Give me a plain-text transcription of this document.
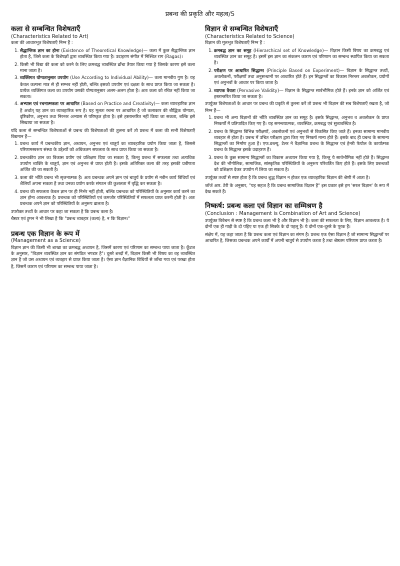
प्रबन्ध की प्रकृति और महत्व/5
कला से सम्बन्धित विशेषताएँ
(Characteristics Related to Art)

कला की आधारभूत विशेषताएँ निम्न हैं :

1. सैद्धान्तिक ज्ञान का होना (Existence of Theoretical Knowledge)— कला में कुछ सैद्धान्तिक ज्ञान होता है, जिसे कला के विशेषज्ञों द्वारा व्यवस्थित किया गया है। उदाहरण संगीत में निश्चित राग (Ragas)।
2. किसी भी विद्या की कला को करने के लिए क्रमबद्ध व्यवस्थित ढाँचा तैयार किया गया है जिसके कारण इसे कला माना जाता है।
3. व्यक्तिगत योग्यतानुसार उपयोग (Use According to Individual Ability)— कला मानवीय गुण है। यह केवल कल्पना मात्र से ही सम्भव नहीं होती, बल्कि इसको उपयोग एवं दक्षता के साथ प्राप्त किया जा सकता है। प्रत्येक व्यक्तिगत कला का उपयोग उसकी योग्यतानुसार अलग-अलग होता है। अतः कला को रचित नहीं किया जा सकता।
4. अभ्यास एवं रचनात्मकता पर आधारित (Based on Practice and Creativity)— कला व्यावहारिक ज्ञान है अर्थात् यह ज्ञान का व्यावहारिक रूप है। यह मूलतः रचना पर आधारित है जो कलाकार की बौद्धिक योग्यता, दृष्टिकोण, अनुभव तथा निरन्तर अभ्यास से परिष्कृत होता है। इसे हस्तान्तरित नहीं किया जा सकता, बल्कि इसे सिखाया जा सकता है।

यदि कला से सम्बन्धित विशेषताओं से प्रबन्ध की विशेषताओं की तुलना करें तो प्रबन्ध में कला की सभी विशेषताएँ विद्यमान हैं—

1. प्रबन्ध कार्य में प्रबन्धकीय ज्ञान, अध्ययन, अनुभव एवं चातुर्य का व्यावहारिक प्रयोग किया जाता है, जिससे परिणामस्वरूप संस्था के उद्देश्यों को अधिकतम सफलता के साथ प्राप्त किया जा सकता है।
2. प्रबन्धकीय ज्ञान का विकास प्रयोग एवं प्रशिक्षण दिया जा सकता है, किन्तु प्रबन्ध में सफलता तथा अत्यधिक उपयोग व्यक्ति के चातुर्य, ज्ञान एवं अनुभव से प्राप्त होती है। इसके अतिरिक्त कला की तरह इसकी प्रवीणता अर्जित की जा सकती है।
3. कला की भाँति प्रबन्ध भी सृजनात्मक है। अतः प्रबन्धक अपने ज्ञान एवं चातुर्य के प्रयोग से नवीन कार्य विधियाँ एवं शैलियाँ अपना सकता है तथा उनका प्रयोग करके संगठन की कुशलता में वृद्धि कर सकता है।
4. प्रबन्ध की सफलता केवल ज्ञान पर ही निर्भर नहीं होती, बल्कि प्रबन्धक को परिस्थितियों के अनुसार कार्य करने का ज्ञान होना आवश्यक है। प्रबन्धक को परिस्थितियों एवं कमजोर परिस्थितियों में सफलता प्राप्त करनी होती है। अतः प्रबन्धक अपने ज्ञान को परिस्थितियों के अनुरूप ढालता है।

उपरोक्त तथ्यों के आधार पर कहा जा सकता है कि प्रबन्ध कला है।

चैस्टर एवं ट्रूमन ने भी लिखा है कि "प्रबन्ध व्यवहार (कला) है, न कि विज्ञान।"

प्रबन्ध एक विज्ञान के रूप में
(Management as a Science)

विज्ञान ज्ञान की किसी भी शाखा का क्रमबद्ध अध्ययन है, जिसमें कारण एवं परिणाम का सम्बन्ध पाया जाता है। कूँटज के अनुसार, "विज्ञान व्यवस्थित ज्ञान का संगठित भण्डार है"। दूसरे शब्दों में, विज्ञान किसी भी विषय का वह व्यवस्थित ज्ञान है जो उस अध्ययन एवं व्यवहार से प्राप्त किया जाता है। ऐसा ज्ञान वैज्ञानिक विधियों से जाँचा गया एवं परखा होता है, जिसमें कारण एवं परिणाम का सम्बन्ध पाया जाता है।

विज्ञान से सम्बन्धित विशेषताएँ
(Characteristics Related to Science)

विज्ञान की मूलभूत विशेषताएँ निम्न हैं :

1. क्रमबद्ध ज्ञान का समूह (Hierarchical set of Knowledge)— विज्ञान किसी विषय का क्रमबद्ध एवं व्यवस्थित ज्ञान का समूह है। इसमें इस ज्ञान का संकलन कारण एवं परिणाम का सम्बन्ध स्थापित किया जा सकता है।
2. परीक्षण पर आधारित सिद्धान्त (Principle Based on Experiment)— विज्ञान के सिद्धान्त तथ्यों, अवलोकनों, परीक्षणों तथा अनुसन्धानों पर आधारित होते हैं। इन सिद्धान्तों का विकास निरन्तर अवलोकन, प्रयोगों एवं अनुभवों के आधार पर किया जाता है।
3. व्यापक वैधता (Pervasive Validity)— विज्ञान के सिद्धान्त सार्वभौमिक होते हैं। इनके ज्ञान को अर्जित एवं हस्तान्तरित किया जा सकता है।

उपर्युक्त विशेषताओं के आधार पर प्रबन्ध की प्रकृति से तुलना करें तो प्रबन्ध भी विज्ञान की सब विशेषताएँ रखता है, जो निम्न हैं—

1. प्रबन्ध भी अन्य विज्ञानों की भाँति व्यवस्थित ज्ञान का समूह है। इसके सिद्धान्त, अनुभव व अवलोकन के प्राप्त निष्कर्षों में प्रतिपादित किए गए हैं। यह समन्वयात्मक, व्यवस्थित, क्रमबद्ध एवं सुव्यवस्थित है।
2. प्रबन्ध के सिद्धान्त विभिन्न परीक्षणों, अवलोकनों एवं अनुभवों से विकसित किए जाते हैं। इनका सामान्य मानवीय व्यवहार से होता है। प्रबन्ध में उचित परीक्षण द्वारा किए गए निष्कर्ष मान्य होते हैं। इसके बाद ही प्रबन्ध के सामान्य सिद्धान्तों का निर्माण हुआ है। एफ.डब्ल्यू. टेलर ने वैज्ञानिक प्रबन्ध के सिद्धान्त एवं हेनरी फेयोल के कार्यात्मक प्रबन्ध के सिद्धान्त इसके उदाहरण हैं।
3. प्रबन्ध के कुछ सामान्य सिद्धान्तों का विकास अध्ययन किया गया है, किन्तु ये सार्वभौमिक नहीं होते हैं। सिद्धान्त देश की भौगोलिक, सामाजिक, सांस्कृतिक परिस्थितियों के अनुरूप परिवर्तित किए होते हैं। इसके लिए प्रबन्धकों को प्रशिक्षण देकर उपयोग में लिया जा सकता है।

उपर्युक्त तथ्यों से स्पष्ट होता है कि प्रबन्ध शुद्ध विज्ञान न होकर एक व्यावहारिक विज्ञान की श्रेणी में आता है।

जॉर्ज आर. टेरी के अनुसार, "यह सहज है कि प्रबन्ध सामाजिक विज्ञान है" इस प्रकार इसे हम 'सरल विज्ञान' के रूप में देख सकते हैं।

निष्कर्ष: प्रबन्ध कला एवं विज्ञान का सम्मिश्रण है
(Conclusion : Management is Combination of Art and Science)

उपर्युक्त विवेचन से स्पष्ट है कि प्रबन्ध कला भी है और विज्ञान भी है। कला की सफलता के लिए, विज्ञान आवश्यक है। ये दोनों एक ही गाड़ी के दो पहिए या एक ही सिक्के के दो पहलू हैं। ये दोनों एक-दूसरे के पूरक हैं।

संक्षेप में, यह कहा जाता है कि प्रबन्ध कला एवं विज्ञान का संगम है। प्रबन्ध एक ऐसा विज्ञान है जो सामान्य सिद्धान्तों पर आधारित है, जिसका प्रबन्धक अपने कार्यों में अपनी चातुर्य से उपयोग करता है तथा श्रेष्ठतम परिणाम प्राप्त करता है।
